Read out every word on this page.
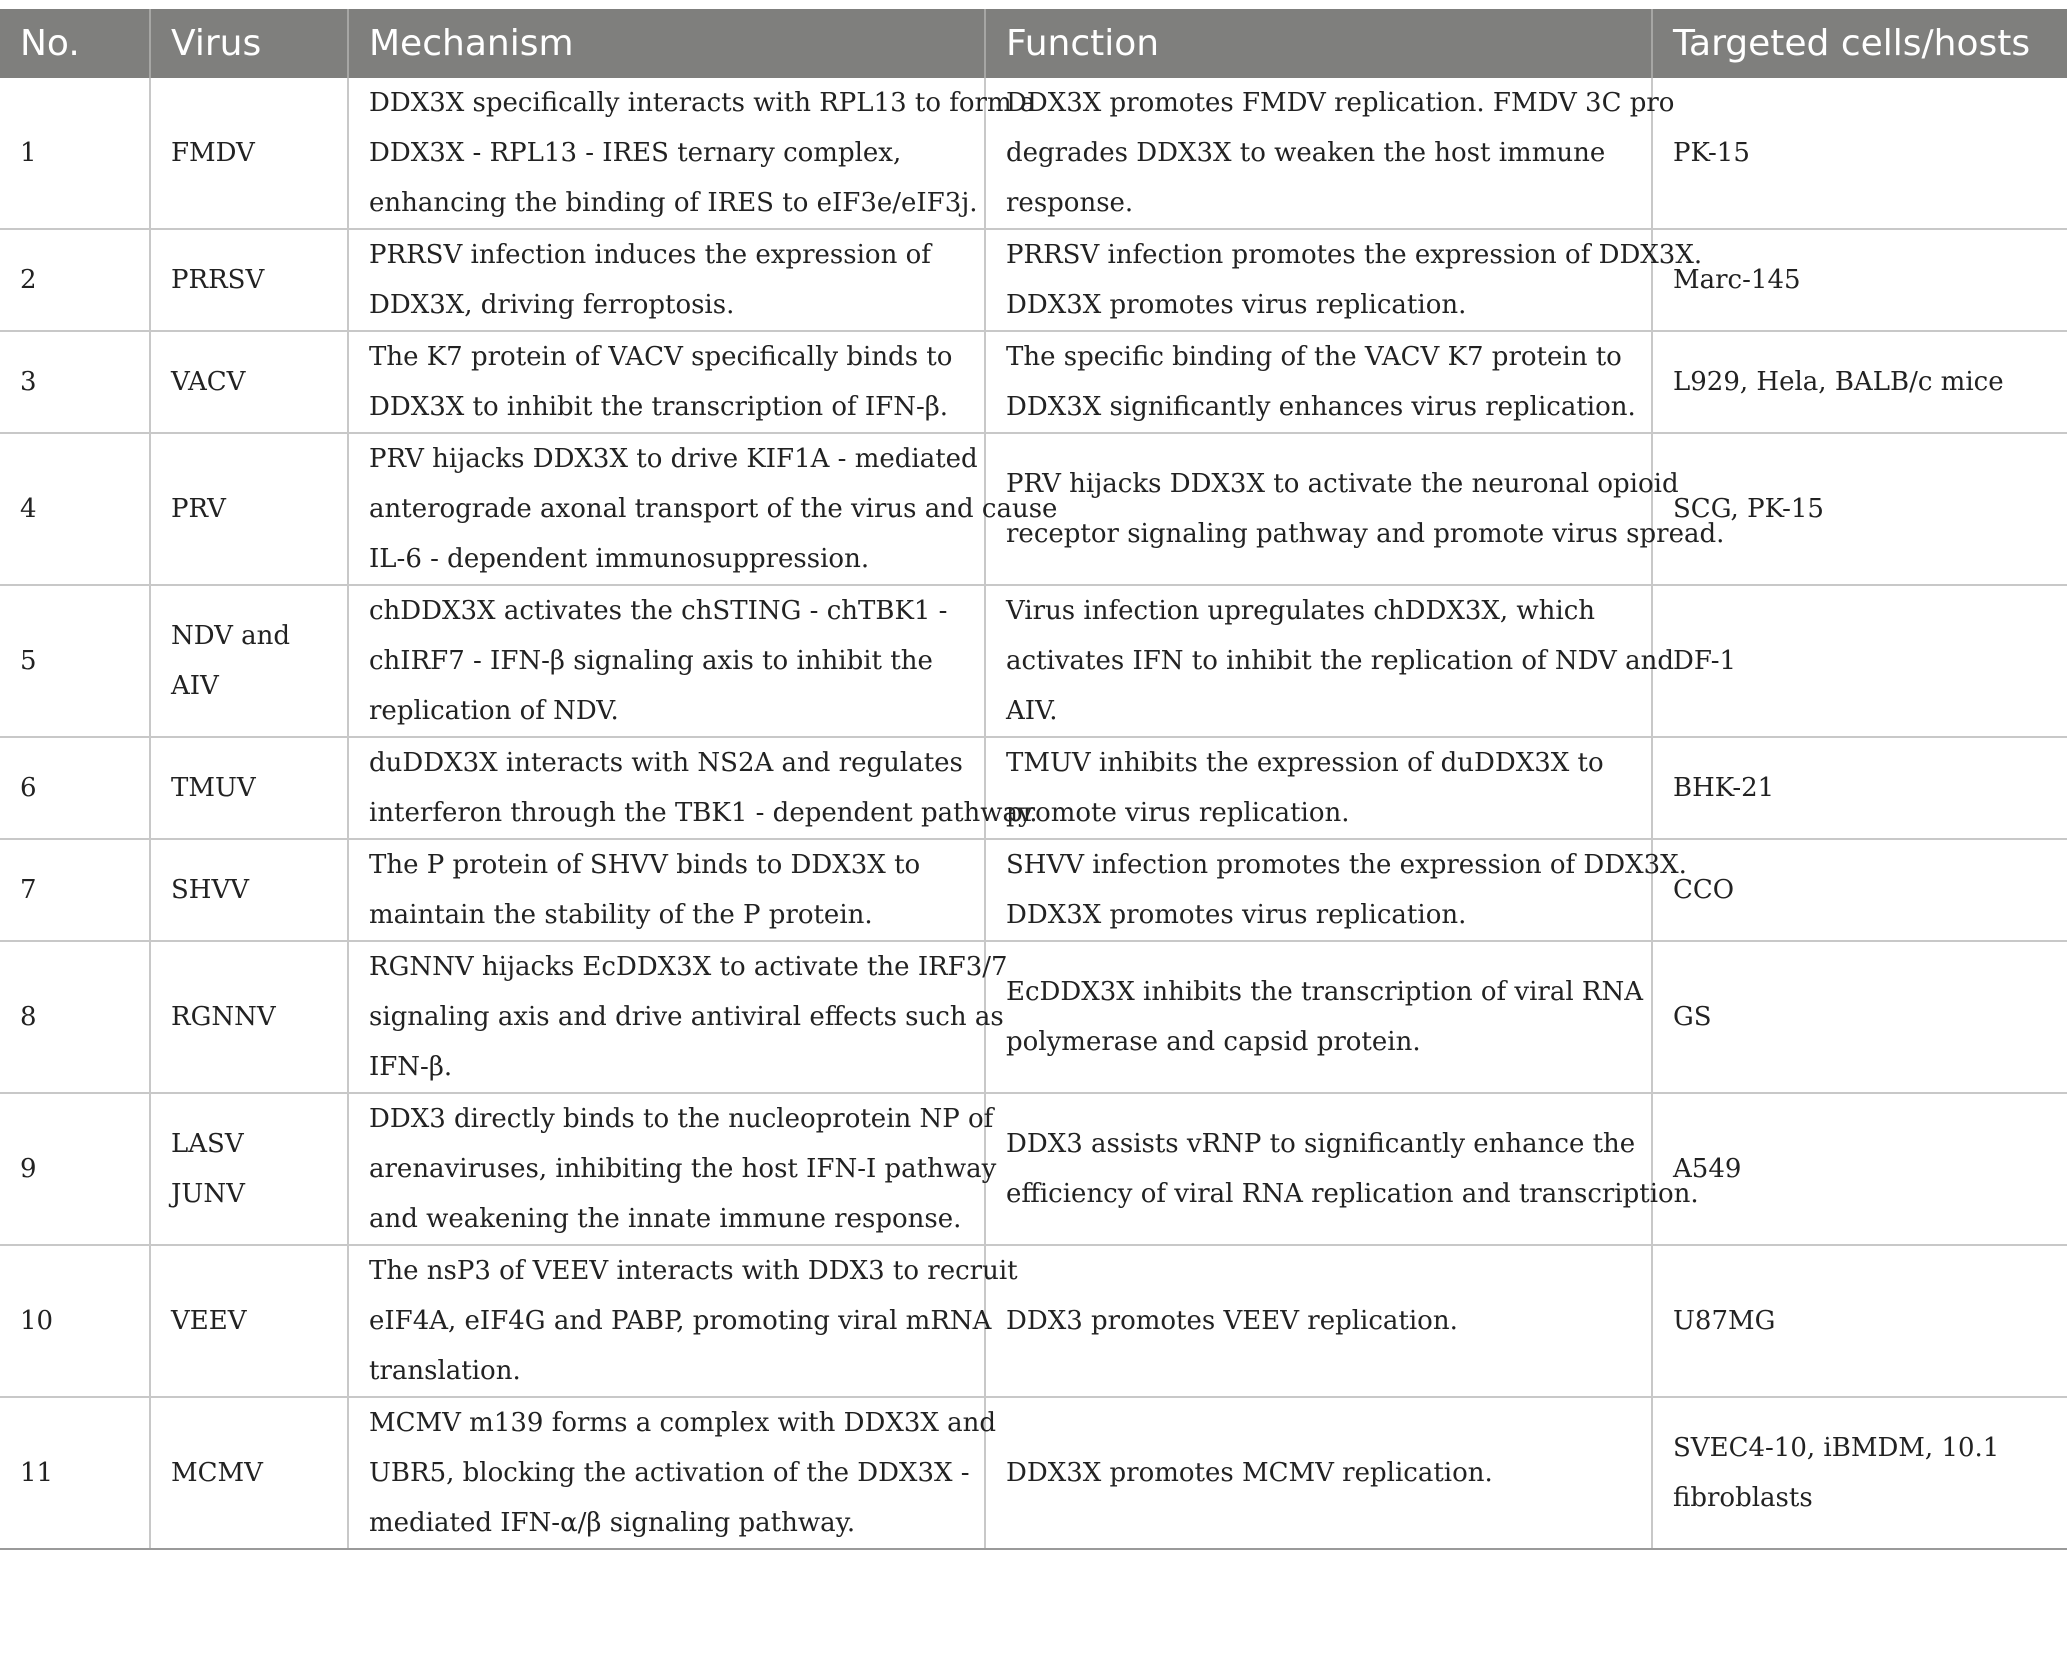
No.	Virus	Mechanism	Function	Targeted cells/hosts
1	FMDV	DDX3X specifically interacts with RPL13 to form a
DDX3X - RPL13 - IRES ternary complex,
enhancing the binding of IRES to eIF3e/eIF3j.	DDX3X promotes FMDV replication. FMDV 3C pro
degrades DDX3X to weaken the host immune
response.	PK-15

2	PRRSV	PRRSV infection induces the expression of
DDX3X, driving ferroptosis.	PRRSV infection promotes the expression of DDX3X.
DDX3X promotes virus replication.	Marc-145

3	VACV	The K7 protein of VACV specifically binds to
DDX3X to inhibit the transcription of IFN-β.	The specific binding of the VACV K7 protein to
DDX3X significantly enhances virus replication.	L929, Hela, BALB/c mice

4	PRV	PRV hijacks DDX3X to drive KIF1A - mediated
anterograde axonal transport of the virus and cause
IL-6 - dependent immunosuppression.	PRV hijacks DDX3X to activate the neuronal opioid
receptor signaling pathway and promote virus spread.	SCG, PK-15

5	NDV and
AIV	chDDX3X activates the chSTING - chTBK1 -
chIRF7 - IFN-β signaling axis to inhibit the
replication of NDV.	Virus infection upregulates chDDX3X, which
activates IFN to inhibit the replication of NDV and
AIV.	DF-1

6	TMUV	duDDX3X interacts with NS2A and regulates
interferon through the TBK1 - dependent pathway.	TMUV inhibits the expression of duDDX3X to
promote virus replication.	BHK-21

7	SHVV	The P protein of SHVV binds to DDX3X to
maintain the stability of the P protein.	SHVV infection promotes the expression of DDX3X.
DDX3X promotes virus replication.	CCO

8	RGNNV	RGNNV hijacks EcDDX3X to activate the IRF3/7
signaling axis and drive antiviral effects such as
IFN-β.	EcDDX3X inhibits the transcription of viral RNA
polymerase and capsid protein.	GS

9	LASV
JUNV	DDX3 directly binds to the nucleoprotein NP of
arenaviruses, inhibiting the host IFN-I pathway
and weakening the innate immune response.	DDX3 assists vRNP to significantly enhance the
efficiency of viral RNA replication and transcription.	A549

10	VEEV	The nsP3 of VEEV interacts with DDX3 to recruit
eIF4A, eIF4G and PABP, promoting viral mRNA
translation.	DDX3 promotes VEEV replication.	U87MG

11	MCMV	MCMV m139 forms a complex with DDX3X and
UBR5, blocking the activation of the DDX3X -
mediated IFN-α/β signaling pathway.	DDX3X promotes MCMV replication.	SVEC4-10, iBMDM, 10.1
fibroblasts
